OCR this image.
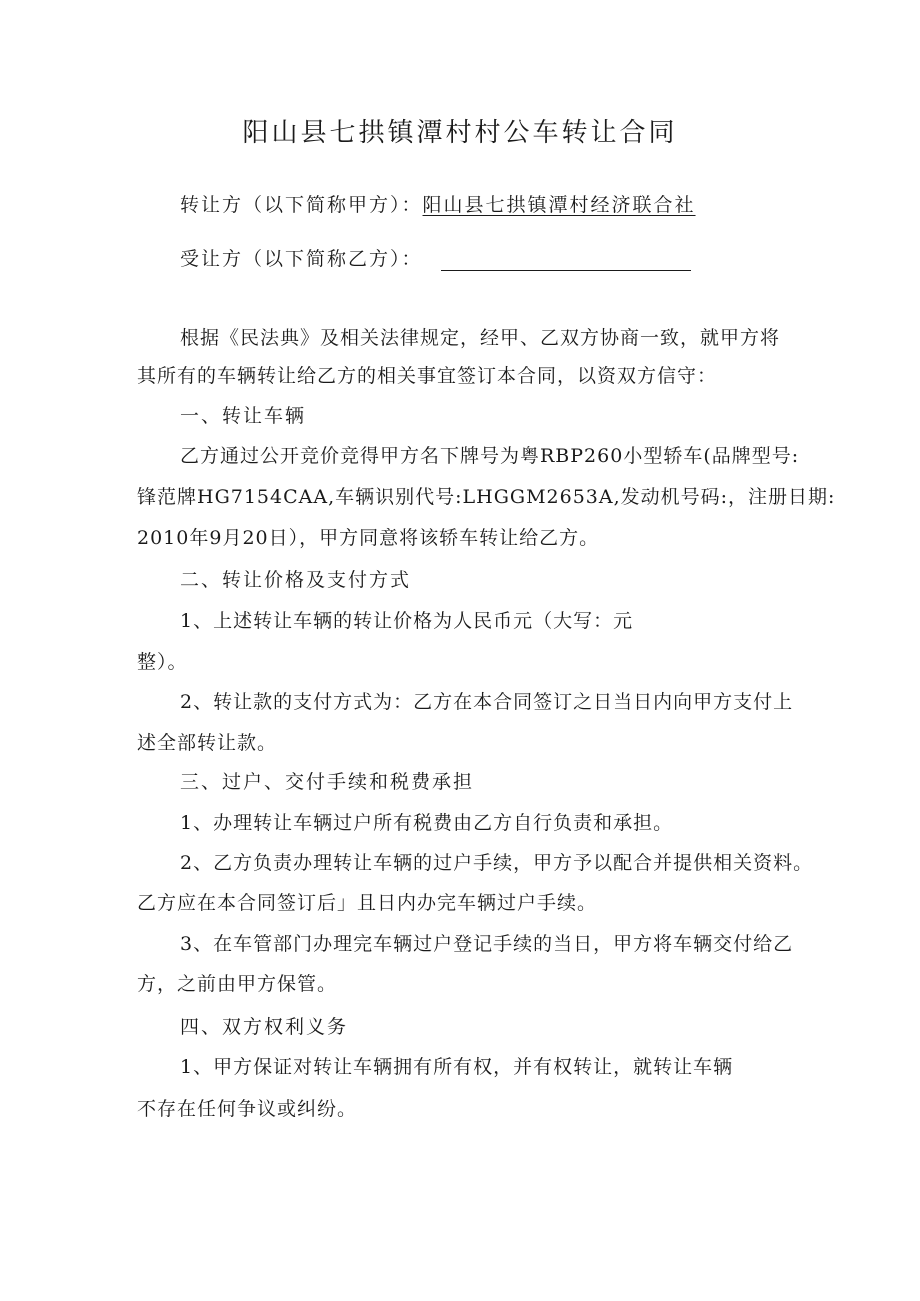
阳山县七拱镇潭村村公车转让合同
转让方（以下简称甲方）：阳山县七拱镇潭村经济联合社
受让方（以下简称乙方）：
根据《民法典》及相关法律规定，经甲、乙双方协商一致，就甲方将
其所有的车辆转让给乙方的相关事宜签订本合同，以资双方信守：
一、转让车辆
乙方通过公开竞价竞得甲方名下牌号为粤RBP260小型轿车(品牌型号:
锋范牌HG7154CAA,车辆识别代号:LHGGM2653A,发动机号码:，注册日期:
2010年9月20日），甲方同意将该轿车转让给乙方。
二、转让价格及支付方式
1、上述转让车辆的转让价格为人民币元（大写：元
整）。
2、转让款的支付方式为：乙方在本合同签订之日当日内向甲方支付上
述全部转让款。
三、过户、交付手续和税费承担
1、办理转让车辆过户所有税费由乙方自行负责和承担。
2、乙方负责办理转让车辆的过户手续，甲方予以配合并提供相关资料。
乙方应在本合同签订后」且日内办完车辆过户手续。
3、在车管部门办理完车辆过户登记手续的当日，甲方将车辆交付给乙
方，之前由甲方保管。
四、双方权利义务
1、甲方保证对转让车辆拥有所有权，并有权转让，就转让车辆
不存在任何争议或纠纷。
